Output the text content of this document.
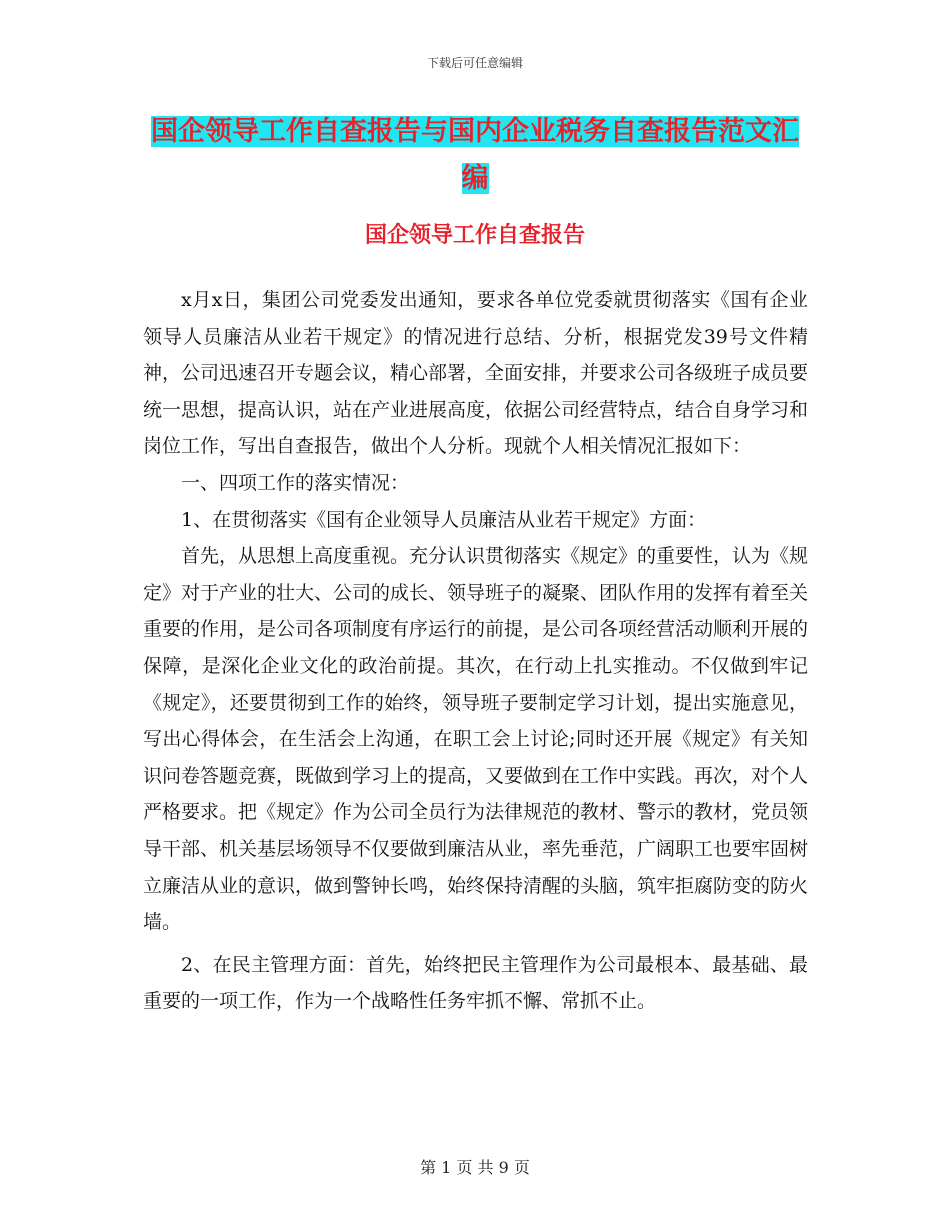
下载后可任意编辑
国企领导工作自查报告与国内企业税务自查报告范文汇编
国企领导工作自查报告

x月x日，集团公司党委发出通知，要求各单位党委就贯彻落实《国有企业领导人员廉洁从业若干规定》的情况进行总结、分析，根据党发39号文件精神，公司迅速召开专题会议，精心部署，全面安排，并要求公司各级班子成员要统一思想，提高认识，站在产业进展高度，依据公司经营特点，结合自身学习和岗位工作，写出自查报告，做出个人分析。现就个人相关情况汇报如下：

一、四项工作的落实情况：

1、在贯彻落实《国有企业领导人员廉洁从业若干规定》方面：

首先，从思想上高度重视。充分认识贯彻落实《规定》的重要性，认为《规定》对于产业的壮大、公司的成长、领导班子的凝聚、团队作用的发挥有着至关重要的作用，是公司各项制度有序运行的前提，是公司各项经营活动顺利开展的保障，是深化企业文化的政治前提。其次，在行动上扎实推动。不仅做到牢记《规定》，还要贯彻到工作的始终，领导班子要制定学习计划，提出实施意见，写出心得体会，在生活会上沟通，在职工会上讨论;同时还开展《规定》有关知识问卷答题竞赛，既做到学习上的提高，又要做到在工作中实践。再次，对个人严格要求。把《规定》作为公司全员行为法律规范的教材、警示的教材，党员领导干部、机关基层场领导不仅要做到廉洁从业，率先垂范，广阔职工也要牢固树立廉洁从业的意识，做到警钟长鸣，始终保持清醒的头脑，筑牢拒腐防变的防火墙。

2、在民主管理方面：首先，始终把民主管理作为公司最根本、最基础、最重要的一项工作，作为一个战略性任务牢抓不懈、常抓不止。

第 1 页 共 9 页
